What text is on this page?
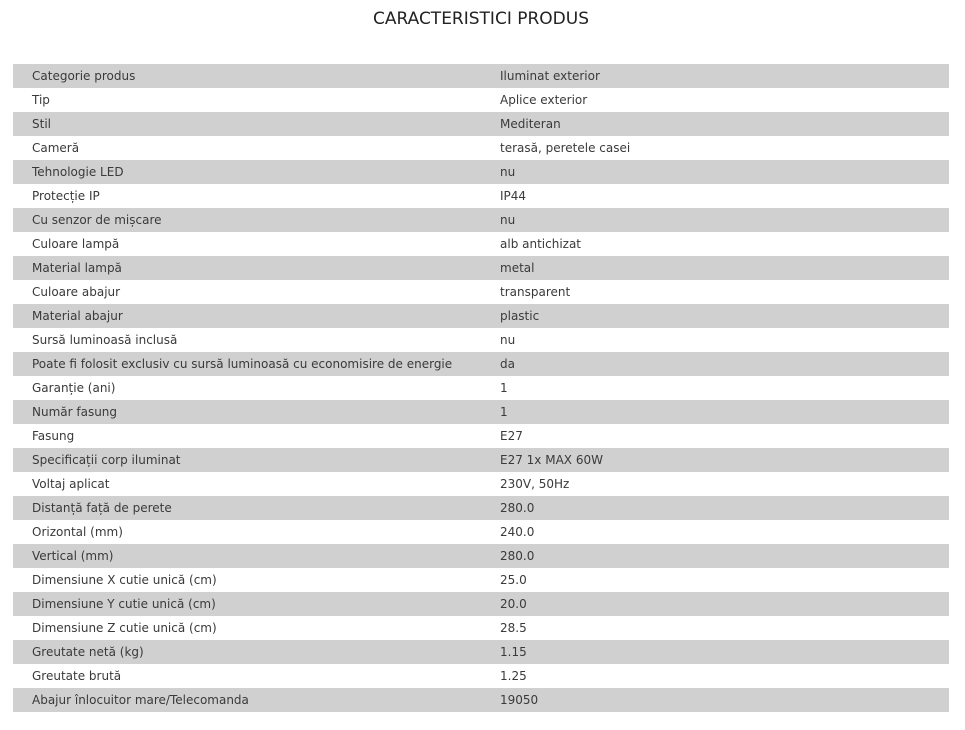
CARACTERISTICI PRODUS
Categorie produs	Iluminat exterior
Tip	Aplice exterior
Stil	Mediteran
Cameră	terasă, peretele casei
Tehnologie LED	nu
Protecție IP	IP44
Cu senzor de mișcare	nu
Culoare lampă	alb antichizat
Material lampă	metal
Culoare abajur	transparent
Material abajur	plastic
Sursă luminoasă inclusă	nu
Poate fi folosit exclusiv cu sursă luminoasă cu economisire de energie	da
Garanție (ani)	1
Număr fasung	1
Fasung	E27
Specificații corp iluminat	E27 1x MAX 60W
Voltaj aplicat	230V, 50Hz
Distanță față de perete	280.0
Orizontal (mm)	240.0
Vertical (mm)	280.0
Dimensiune X cutie unică (cm)	25.0
Dimensiune Y cutie unică (cm)	20.0
Dimensiune Z cutie unică (cm)	28.5
Greutate netă (kg)	1.15
Greutate brută	1.25
Abajur înlocuitor mare/Telecomanda	19050
